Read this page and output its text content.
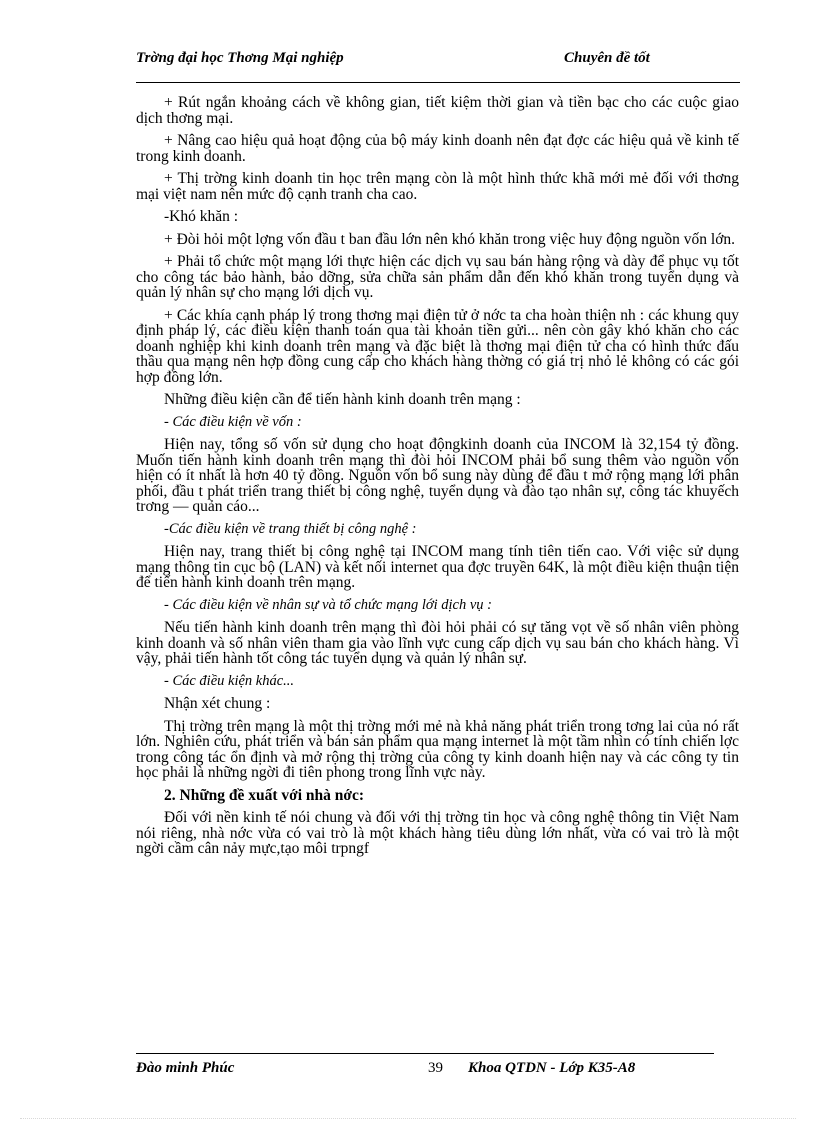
Trờng đại học Thơng Mại nghiệp	Chuyên đề tốt

+ Rút ngắn khoảng cách về không gian, tiết kiệm thời gian và tiền bạc cho các cuộc giao dịch thơng mại.

+ Nâng cao hiệu quả hoạt động của bộ máy kinh doanh nên đạt đợc các hiệu quả về kinh tế trong kinh doanh.

+ Thị trờng kinh doanh tin học trên mạng còn là một hình thức khã mới mẻ đối với thơng mại việt nam nên mức độ cạnh tranh cha cao.

-Khó khăn :

+ Đòi hỏi một lợng vốn đầu t ban đầu lớn nên khó khăn trong việc huy động nguồn vốn lớn.

+ Phải tổ chức một mạng lới thực hiện các dịch vụ sau bán hàng rộng và dày để phục vụ tốt cho công tác bảo hành, bảo dỡng, sửa chữa sản phẩm dẫn đến khó khăn trong tuyển dụng và quản lý nhân sự cho mạng lới dịch vụ.

+ Các khía cạnh pháp lý trong thơng mại điện tử ở nớc ta cha hoàn thiện nh : các khung quy định pháp lý, các điều kiện thanh toán qua tài khoản tiền gửi... nên còn gây khó khăn cho các doanh nghiệp khi kinh doanh trên mạng và đặc biệt là thơng mại điện tử cha có hình thức đấu thầu qua mạng nên hợp đồng cung cấp cho khách hàng thờng có giá trị nhỏ lẻ không có các gói hợp đồng lớn.

Những điều kiện cần để tiến hành kinh doanh trên mạng :

- Các điều kiện về vốn :

Hiện nay, tổng số vốn sử dụng cho hoạt độngkinh doanh của INCOM là 32,154 tỷ đồng. Muốn tiến hành kinh doanh trên mạng thì đòi hỏi INCOM phải bổ sung thêm vào nguồn vốn hiện có ít nhất là hơn 40 tỷ đồng. Nguồn vốn bổ sung này dùng để đầu t mở rộng mạng lới phân phối, đầu t phát triển trang thiết bị công nghệ, tuyển dụng và đào tạo nhân sự, công tác khuyếch trơng — quản cáo...

-Các điều kiện về trang thiết bị công nghệ :

Hiện nay, trang thiết bị công nghệ tại INCOM mang tính tiên tiến cao. Với việc sử dụng mạng thông tin cục bộ (LAN) và kết nối internet qua đợc truyền 64K, là một điều kiện thuận tiện để tiến hành kinh doanh trên mạng.

- Các điều kiện về nhân sự và tổ chức mạng lới dịch vụ :

Nếu tiến hành kinh doanh trên mạng thì đòi hỏi phải có sự tăng vọt về số nhân viên phòng kinh doanh và số nhân viên tham gia vào lĩnh vực cung cấp dịch vụ sau bán cho khách hàng. Vì vậy, phải tiến hành tốt công tác tuyển dụng và quản lý nhân sự.

- Các điều kiện khác...

Nhận xét chung :

Thị trờng trên mạng là một thị trờng mới mẻ nà khả năng phát triển trong tơng lai của nó rất lớn. Nghiên cứu, phát triển và bán sản phẩm qua mạng internet là một tầm nhìn có tính chiến lợc trong công tác ổn định và mở rộng thị trờng của công ty kinh doanh hiện nay và các công ty tin học phải là những ngời đi tiên phong trong lĩnh vực này.

2. Những đề xuất với nhà nớc:

Đối với nền kinh tế nói chung và đối với thị trờng tin học và công nghệ thông tin Việt Nam nói riêng, nhà nớc vừa có vai trò là một khách hàng tiêu dùng lớn nhất, vừa có vai trò là một ngời cầm cân nảy mực,tạo môi trpngf

Đào minh Phúc	39 Khoa QTDN - Lớp K35-A8
